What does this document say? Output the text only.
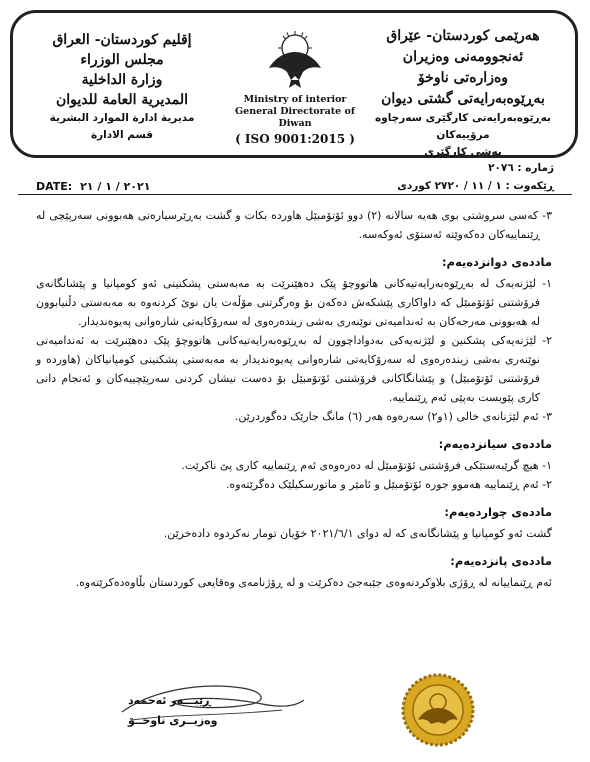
هەرێمی کوردستان- عێراق
ئەنجوومەنی وەزیران
وەزارەتی ناوخۆ
بەڕێوەبەرایەتی گشتی دیوان
بەڕێوەبەرایەتی کارگێری سەرچاوە مرۆییەکان
بەشی کارگێری
إقليم كوردستان- العراق
مجلس الوزراء
وزارة الداخلية
المديرية العامة للديوان
مديرية ادارة الموارد البشرية
قسم الادارة
Ministry of interior
General Directorate of Diwan
( ISO 9001:2015 )
ژمارە : ٢٠٧٦
ڕێکەوت : ١ / ١١ / ٢٧٢٠ کوردی
DATE: ٢٠٢١ / ١ / ٢١

٣- کەسی سروشتی بوی هەیە سالانە (٢) دوو ئۆتۆمبێل هاوردە بکات و گشت بەڕێرسیارەتی هەبوونی سەرپێچی لە ڕێنماییەکان دەکەوێتە ئەستۆی ئەوکەسە.

ماددەی دوانزدەیەم:

١- لێژنەیەک لە بەڕێوەبەرایەتیەکانی هاتووچۆ پێک دەهێنرێت بە مەبەستی پشکنینی ئەو کومپانیا و پێشانگانەی فرۆشتنی ئۆتۆمبێل کە داواکاری پێشکەش دەکەن بۆ وەرگرتنی مۆڵەت یان نوێ کردنەوە بە مەبەستی دڵنیابوون لە هەبوونی مەرجەکان بە ئەندامیەتی نوێنەری بەشی زیندەرەوی لە سەرۆکایەتی شارەوانی پەیوەندیدار.

٢- لێژنەیەکی پشکنین و لێژنەیەکی بەدواداچوون لە بەڕێوەبەرایەتیەکانی هاتووچۆ پێک دەهێنرێت بە ئەندامیەتی نوێنەری بەشی زیندەرەوی لە سەرۆکایەتی شارەوانی پەیوەندیدار بە مەبەستی پشکنینی کومپانیاکان (هاوردە و فرۆشتنی ئۆتۆمبێل) و پێشانگاکانی فرۆشتنی ئۆتۆمبێل بۆ دەست نیشان کردنی سەرپێچییەکان و ئەنجام دانی کاری پێویست بەپێی ئەم ڕێنماییە.

٣- ئەم لێژنانەی خالی (١و٢) سەرەوە هەر (٦) مانگ جارێک دەگوردرێن.

ماددەی سیانزدەیەم:

١- هیچ گرێبەستێکی فرۆشتنی ئۆتۆمبێل لە دەرەوەی ئەم ڕێنماییە کاری پێ ناکرێت.

٢- ئەم ڕێنماییە هەموو جورە ئۆتۆمبێل و ئامێر و ماتورسکیلێک دەگرێتەوە.

ماددەی چواردەیەم:

گشت ئەو کومپانیا و پێشانگانەی کە لە دوای ٢٠٢١/٦/١ خۆیان تومار نەکردوە دادەخرێن.

ماددەی پانزدەیەم:

ئەم ڕێنماییانە لە ڕۆژی بلاوکردنەوەی جێبەجێ دەکرێت و لە ڕۆژنامەی وەقایعی کوردستان بڵاوەدەکرێتەوە.

ڕێبـــەر ئەحمەد
وەزیــری ناوخــۆ
